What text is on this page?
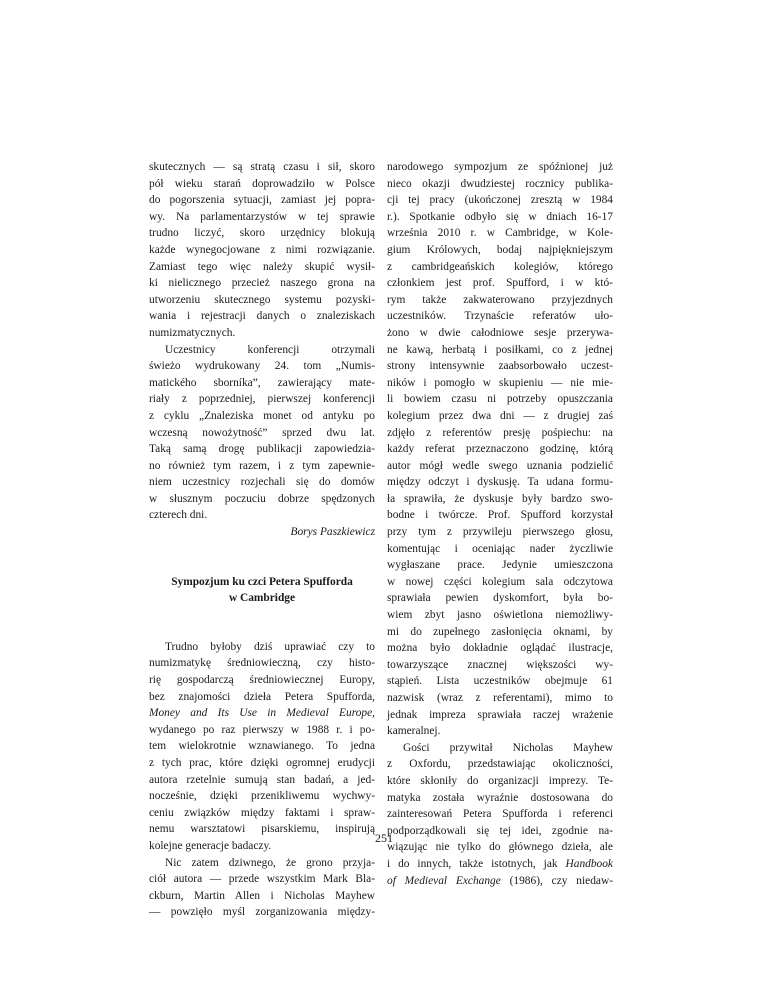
skutecznych — są stratą czasu i sił, skoro
pół wieku starań doprowadziło w Polsce
do pogorszenia sytuacji, zamiast jej popra-
wy. Na parlamentarzystów w tej sprawie
trudno liczyć, skoro urzędnicy blokują
każde wynegocjowane z nimi rozwiązanie.
Zamiast tego więc należy skupić wysił-
ki nielicznego przecież naszego grona na
utworzeniu skutecznego systemu pozyski-
wania i rejestracji danych o znaleziskach
numizmatycznych.
Uczestnicy konferencji otrzymali
świeżo wydrukowany 24. tom „Numis-
matického sborníka”, zawierający mate-
riały z poprzedniej, pierwszej konferencji
z cyklu „Znaleziska monet od antyku po
wczesną nowożytność” sprzed dwu lat.
Taką samą drogę publikacji zapowiedzia-
no również tym razem, i z tym zapewnie-
niem uczestnicy rozjechali się do domów
w słusznym poczuciu dobrze spędzonych
czterech dni.
Borys Paszkiewicz
Sympozjum ku czci Petera Spufforda
w Cambridge
Trudno byłoby dziś uprawiać czy to
numizmatykę średniowieczną, czy histo-
rię gospodarczą średniowiecznej Europy,
bez znajomości dzieła Petera Spufforda,
Money and Its Use in Medieval Europe,
wydanego po raz pierwszy w 1988 r. i po-
tem wielokrotnie wznawianego. To jedna
z tych prac, które dzięki ogromnej erudycji
autora rzetelnie sumują stan badań, a jed-
nocześnie, dzięki przenikliwemu wychwy-
ceniu związków między faktami i spraw-
nemu warsztatowi pisarskiemu, inspirują
kolejne generacje badaczy.
Nic zatem dziwnego, że grono przyja-
ciół autora — przede wszystkim Mark Bla-
ckburn, Martin Allen i Nicholas Mayhew
— powzięło myśl zorganizowania między-
narodowego sympozjum ze spóźnionej już
nieco okazji dwudziestej rocznicy publika-
cji tej pracy (ukończonej zresztą w 1984
r.). Spotkanie odbyło się w dniach 16-17
września 2010 r. w Cambridge, w Kole-
gium Królowych, bodaj najpiękniejszym
z cambridgeańskich kolegiów, którego
członkiem jest prof. Spufford, i w któ-
rym także zakwaterowano przyjezdnych
uczestników. Trzynaście referatów uło-
żono w dwie całodniowe sesje przerywa-
ne kawą, herbatą i posiłkami, co z jednej
strony intensywnie zaabsorbowało uczest-
ników i pomogło w skupieniu — nie mie-
li bowiem czasu ni potrzeby opuszczania
kolegium przez dwa dni — z drugiej zaś
zdjęło z referentów presję pośpiechu: na
każdy referat przeznaczono godzinę, którą
autor mógł wedle swego uznania podzielić
między odczyt i dyskusję. Ta udana formu-
ła sprawiła, że dyskusje były bardzo swo-
bodne i twórcze. Prof. Spufford korzystał
przy tym z przywileju pierwszego głosu,
komentując i oceniając nader życzliwie
wygłaszane prace. Jedynie umieszczona
w nowej części kolegium sala odczytowa
sprawiała pewien dyskomfort, była bo-
wiem zbyt jasno oświetlona niemożliwy-
mi do zupełnego zasłonięcia oknami, by
można było dokładnie oglądać ilustracje,
towarzyszące znacznej większości wy-
stąpień. Lista uczestników obejmuje 61
nazwisk (wraz z referentami), mimo to
jednak impreza sprawiała raczej wrażenie
kameralnej.
Gości przywitał Nicholas Mayhew
z Oxfordu, przedstawiając okoliczności,
które skłoniły do organizacji imprezy. Te-
matyka została wyraźnie dostosowana do
zainteresowań Petera Spufforda i referenci
podporządkowali się tej idei, zgodnie na-
wiązując nie tylko do głównego dzieła, ale
i do innych, także istotnych, jak Handbook
of Medieval Exchange (1986), czy niedaw-
251
